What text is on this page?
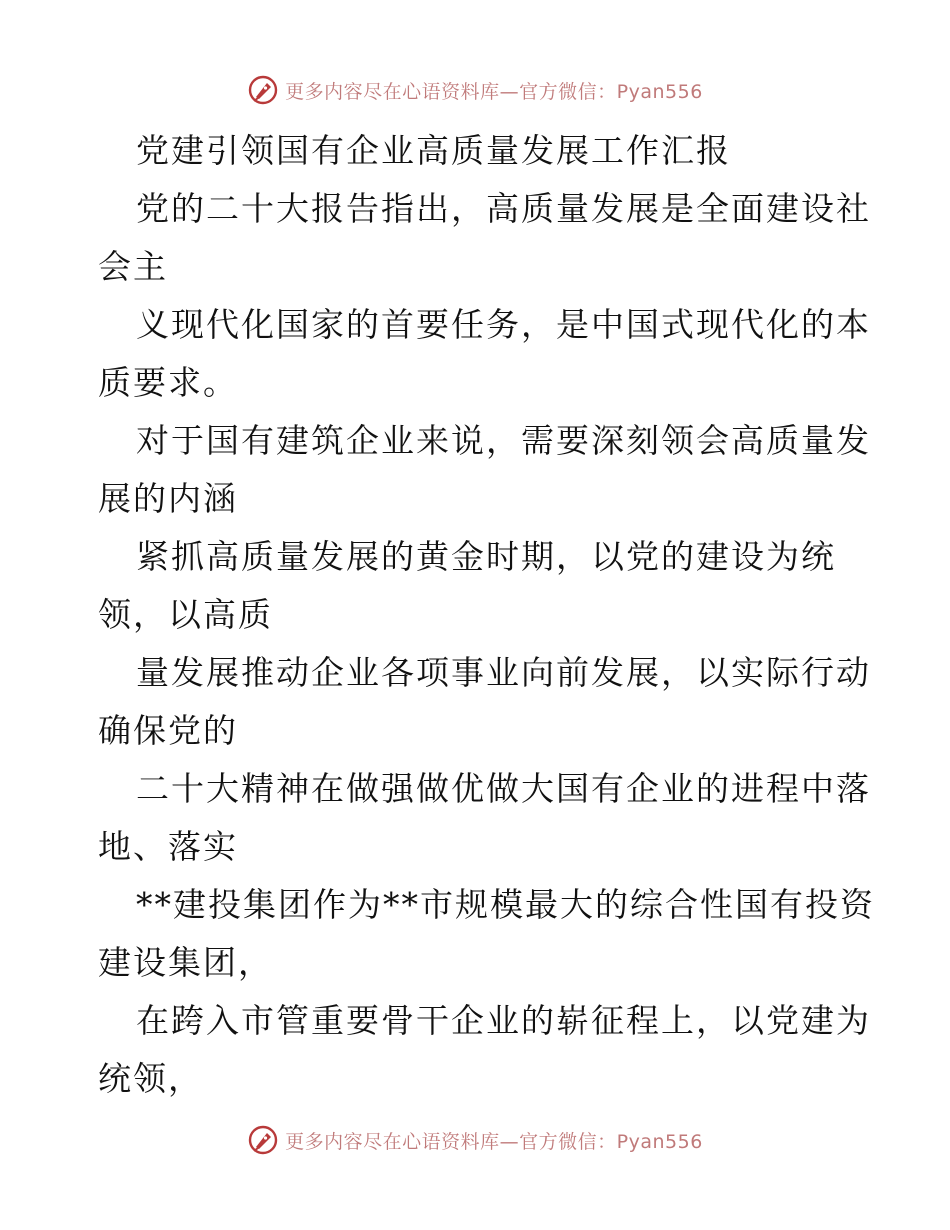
更多内容尽在心语资料库—官方微信：Pyan556
党建引领国有企业高质量发展工作汇报
党的二十大报告指出，高质量发展是全面建设社
会主
义现代化国家的首要任务，是中国式现代化的本
质要求。
对于国有建筑企业来说，需要深刻领会高质量发
展的内涵
紧抓高质量发展的黄金时期，以党的建设为统
领，以高质
量发展推动企业各项事业向前发展，以实际行动
确保党的
二十大精神在做强做优做大国有企业的进程中落
地、落实
**建投集团作为**市规模最大的综合性国有投资
建设集团，
在跨入市管重要骨干企业的崭征程上，以党建为
统领，
更多内容尽在心语资料库—官方微信：Pyan556
